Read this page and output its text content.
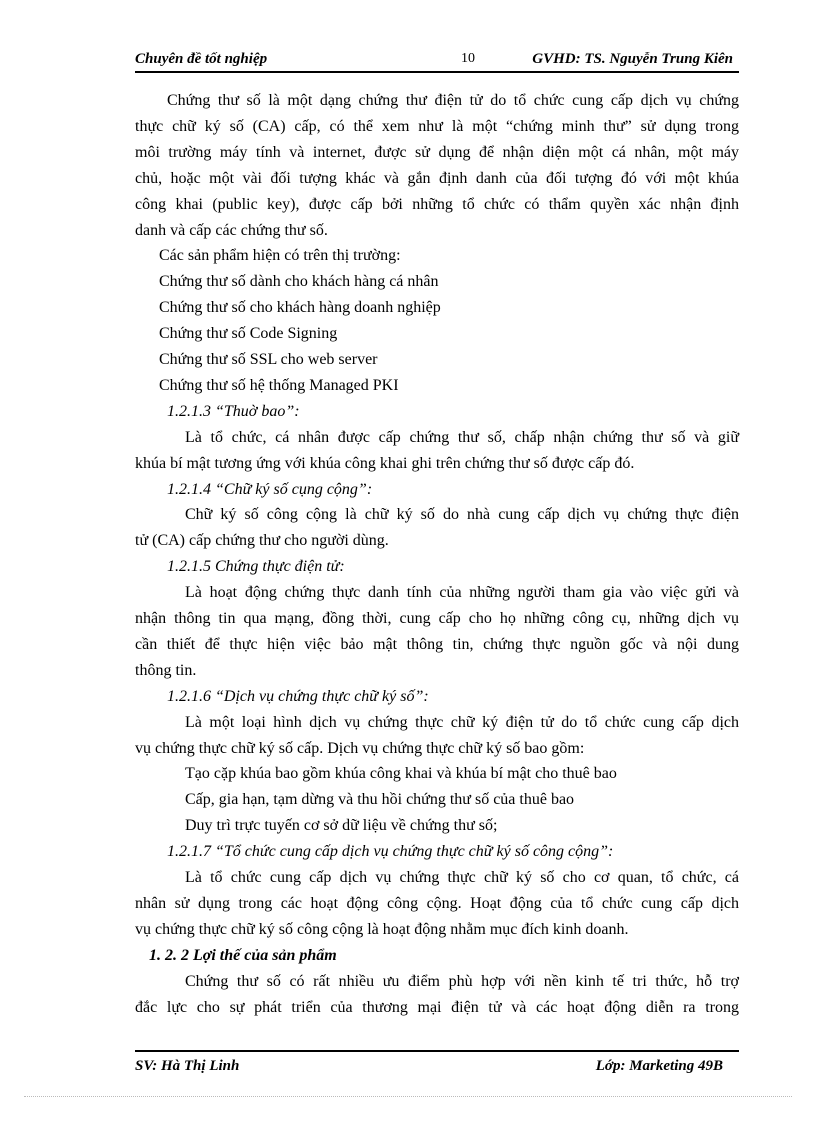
Chuyên đề tốt nghiệp	10	GVHD: TS. Nguyễn Trung Kiên
Chứng thư số là một dạng chứng thư điện tử do tổ chức cung cấp dịch vụ chứng
thực chữ ký số (CA) cấp, có thể xem như là một “chứng minh thư” sử dụng trong
môi trường máy tính và internet, được sử dụng để nhận diện một cá nhân, một máy
chủ, hoặc một vài đối tượng khác và gắn định danh của đối tượng đó với một khúa
công khai (public key), được cấp bởi những tổ chức có thẩm quyền xác nhận định
danh và cấp các chứng thư số.
Các sản phẩm hiện có trên thị trường:
Chứng thư số dành cho khách hàng cá nhân
Chứng thư số cho khách hàng doanh nghiệp
Chứng thư số Code Signing
Chứng thư số SSL cho web server
Chứng thư số hệ thống Managed PKI
1.2.1.3 “Thuờ bao”:
Là tổ chức, cá nhân được cấp chứng thư số, chấp nhận chứng thư số và giữ
khúa bí mật tương ứng với khúa công khai ghi trên chứng thư số được cấp đó.
1.2.1.4 “Chữ ký số cụng cộng”:
Chữ ký số công cộng là chữ ký số do nhà cung cấp dịch vụ chứng thực điện
tử (CA) cấp chứng thư cho người dùng.
1.2.1.5 Chứng thực điện tử:
Là hoạt động chứng thực danh tính của những người tham gia vào việc gửi và
nhận thông tin qua mạng, đồng thời, cung cấp cho họ những công cụ, những dịch vụ
cần thiết để thực hiện việc bảo mật thông tin, chứng thực nguồn gốc và nội dung
thông tin.
1.2.1.6 “Dịch vụ chứng thực chữ ký số”:
Là một loại hình dịch vụ chứng thực chữ ký điện tử do tổ chức cung cấp dịch
vụ chứng thực chữ ký số cấp. Dịch vụ chứng thực chữ ký số bao gồm:
Tạo cặp khúa bao gồm khúa công khai và khúa bí mật cho thuê bao
Cấp, gia hạn, tạm dừng và thu hồi chứng thư số của thuê bao
Duy trì trực tuyến cơ sở dữ liệu về chứng thư số;
1.2.1.7 “Tổ chức cung cấp dịch vụ chứng thực chữ ký số công cộng”:
Là tổ chức cung cấp dịch vụ chứng thực chữ ký số cho cơ quan, tổ chức, cá
nhân sử dụng trong các hoạt động công cộng. Hoạt động của tổ chức cung cấp dịch
vụ chứng thực chữ ký số công cộng là hoạt động nhằm mục đích kinh doanh.
1. 2. 2 Lợi thế của sản phẩm
Chứng thư số có rất nhiều ưu điểm phù hợp với nền kinh tế tri thức, hỗ trợ
đắc lực cho sự phát triển của thương mại điện tử và các hoạt động diễn ra trong
SV: Hà Thị Linh	Lớp: Marketing 49B
